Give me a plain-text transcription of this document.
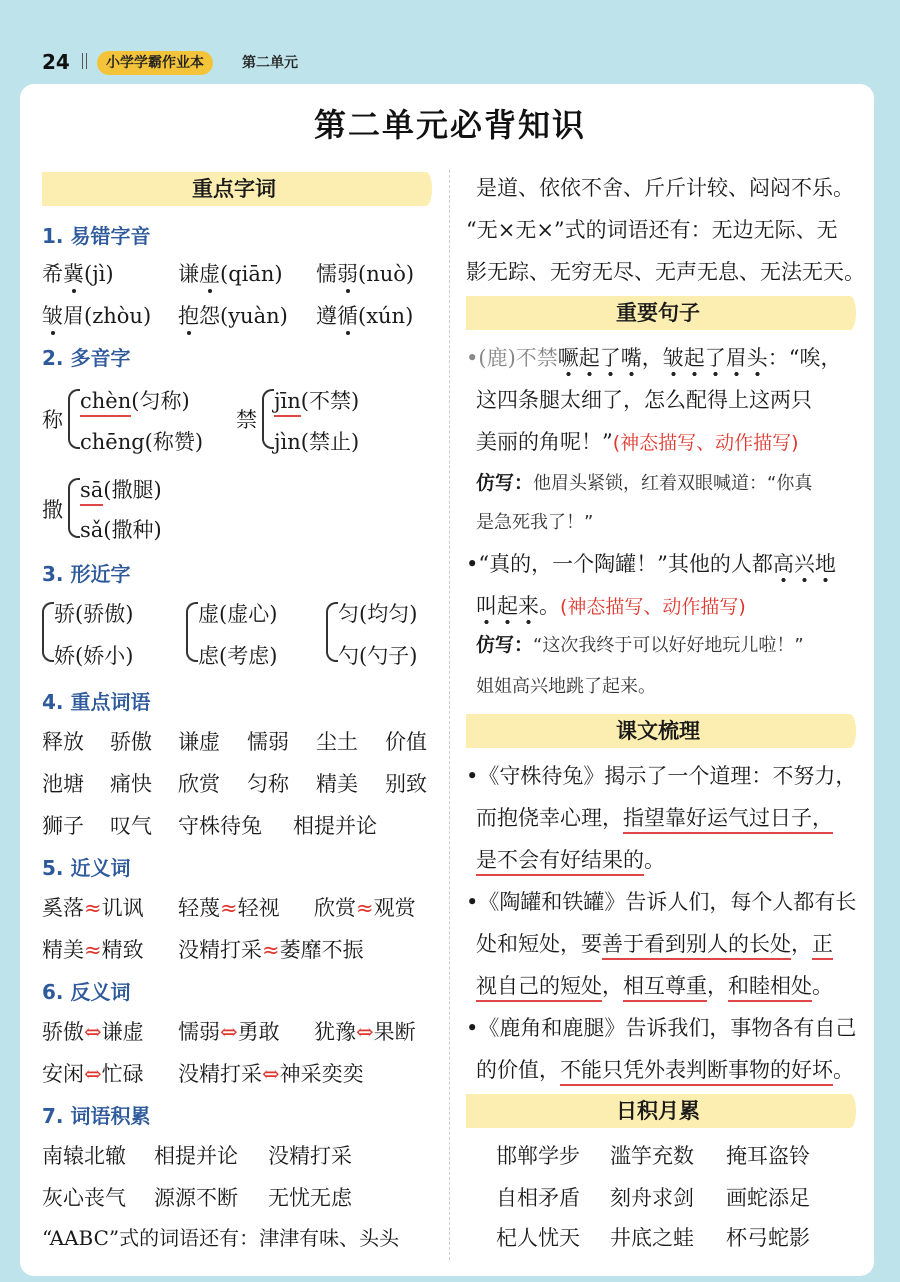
24	小学学霸作业本	第二单元
第二单元必背知识
重点字词
1. 易错字音
希冀(jì)	谦虚(qiān) 懦弱(nuò)
皱眉(zhòu) 抱怨(yuàn) 遵循(xún)
2. 多音字
称
chèn(匀称)
chēng(称赞)
禁
jīn(不禁)
jìn(禁止)
撒
sā(撒腿)
sǎ(撒种)
3. 形近字
骄(骄傲)
娇(娇小)
虚(虚心)
虑(考虑)
匀(均匀)
勺(勺子)
4. 重点词语
释放 骄傲 谦虚 懦弱 尘土 价值
池塘 痛快 欣赏 匀称 精美 别致
狮子 叹气 守株待兔 相提并论
5. 近义词
奚落≈讥讽 轻蔑≈轻视 欣赏≈观赏
精美≈精致 没精打采≈萎靡不振
6. 反义词
骄傲⇔谦虚 懦弱⇔勇敢 犹豫⇔果断
安闲⇔忙碌 没精打采⇔神采奕奕
7. 词语积累
南辕北辙 相提并论 没精打采
灰心丧气 源源不断 无忧无虑
“AABC”式的词语还有：津津有味、头头
是道、依依不舍、斤斤计较、闷闷不乐。
“无×无×”式的词语还有：无边无际、无
影无踪、无穷无尽、无声无息、无法无天。
重要句子
•(鹿)不禁噘起了嘴，皱起了眉头：“唉，
这四条腿太细了，怎么配得上这两只
美丽的角呢！”(神态描写、动作描写)
仿写：他眉头紧锁，红着双眼喊道：“你真
是急死我了！”
•“真的，一个陶罐！”其他的人都高兴地
叫起来。(神态描写、动作描写)
仿写：“这次我终于可以好好地玩儿啦！”
姐姐高兴地跳了起来。
课文梳理
•《守株待兔》揭示了一个道理：不努力，
而抱侥幸心理，指望靠好运气过日子，
是不会有好结果的。
•《陶罐和铁罐》告诉人们，每个人都有长
处和短处，要善于看到别人的长处，正
视自己的短处，相互尊重，和睦相处。
•《鹿角和鹿腿》告诉我们，事物各有自己
的价值，不能只凭外表判断事物的好坏。
日积月累
邯郸学步 滥竽充数 掩耳盗铃
自相矛盾 刻舟求剑 画蛇添足
杞人忧天 井底之蛙 杯弓蛇影
